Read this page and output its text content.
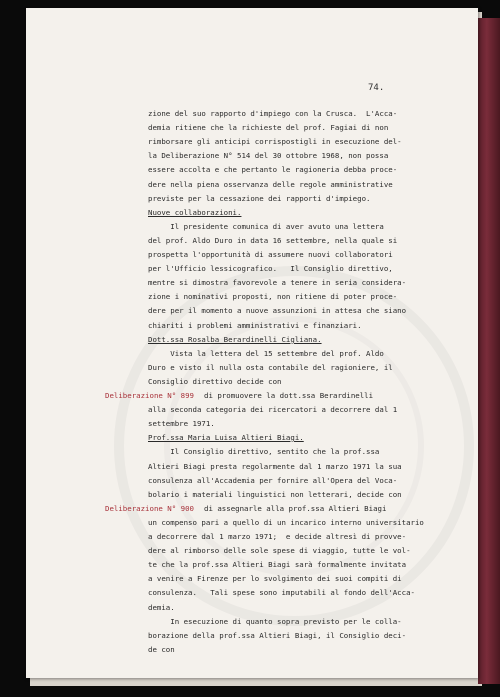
74.
zione del suo rapporto d'impiego con la Crusca.  L'Acca-
demia ritiene che la richieste del prof. Fagiai di non
rimborsare gli anticipi corrispostigli in esecuzione del-
la Deliberazione N° 514 del 30 ottobre 1968, non possa
essere accolta e che pertanto le ragioneria debba proce-
dere nella piena osservanza delle regole amministrative
previste per la cessazione dei rapporti d'impiego.
Nuove collaborazioni.
Il presidente comunica di aver avuto una lettera
del prof. Aldo Duro in data 16 settembre, nella quale si
prospetta l'opportunità di assumere nuovi collaboratori
per l'Ufficio lessicografico.   Il Consiglio direttivo,
mentre si dimostra favorevole a tenere in seria considera-
zione i nominativi proposti, non ritiene di poter proce-
dere per il momento a nuove assunzioni in attesa che siano
chiariti i problemi amministrativi e finanziari.
Dott.ssa Rosalba Berardinelli Cigliana.
Vista la lettera del 15 settembre del prof. Aldo
Duro e visto il nulla osta contabile del ragioniere, il
Consiglio direttivo decide con
Deliberazione N° 899 di promuovere la dott.ssa Berardinelli
alla seconda categoria dei ricercatori a decorrere dal 1
settembre 1971.
Prof.ssa Maria Luisa Altieri Biagi.
Il Consiglio direttivo, sentito che la prof.ssa
Altieri Biagi presta regolarmente dal 1 marzo 1971 la sua
consulenza all'Accademia per fornire all'Opera del Voca-
bolario i materiali linguistici non letterari, decide con
Deliberazione N° 900 di assegnarle alla prof.ssa Altieri Biagi
un compenso pari a quello di un incarico interno universitario
a decorrere dal 1 marzo 1971;  e decide altresì di provve-
dere al rimborso delle sole spese di viaggio, tutte le vol-
te che la prof.ssa Altieri Biagi sarà formalmente invitata
a venire a Firenze per lo svolgimento dei suoi compiti di
consulenza.   Tali spese sono imputabili al fondo dell'Acca-
demia.
In esecuzione di quanto sopra previsto per le colla-
borazione della prof.ssa Altieri Biagi, il Consiglio deci-
de con
